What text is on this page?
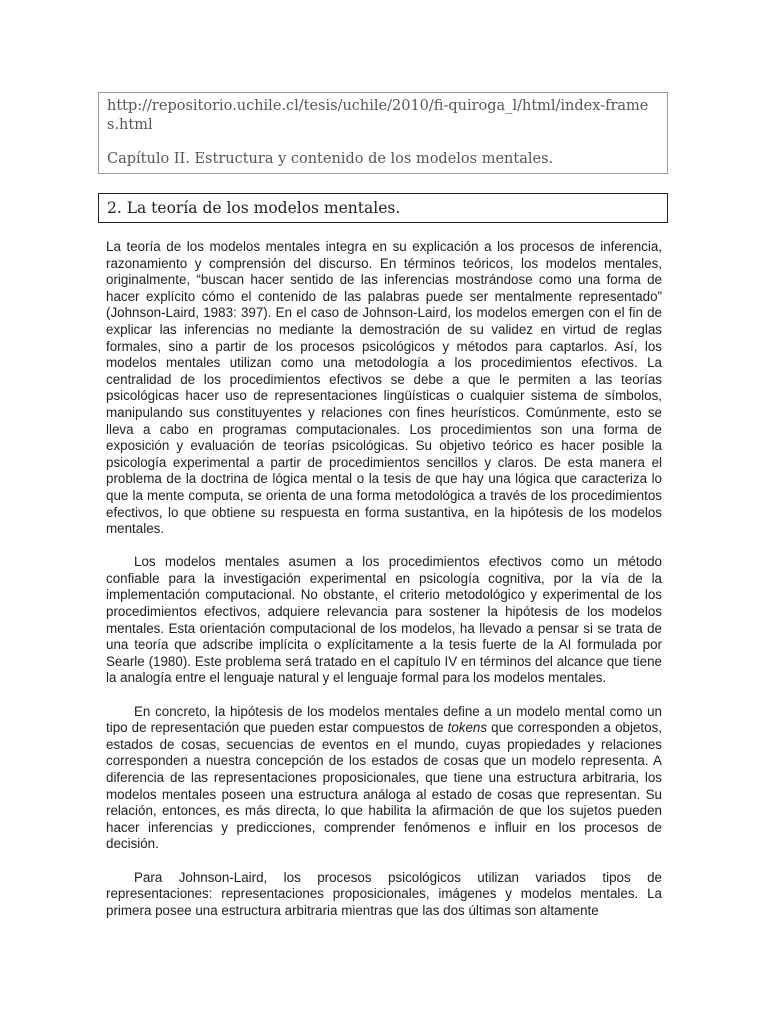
http://repositorio.uchile.cl/tesis/uchile/2010/fi-quiroga_l/html/index-frames.html
Capítulo II. Estructura y contenido de los modelos mentales.
2. La teoría de los modelos mentales.

La teoría de los modelos mentales integra en su explicación a los procesos de inferencia, razonamiento y comprensión del discurso. En términos teóricos, los modelos mentales, originalmente, “buscan hacer sentido de las inferencias mostrándose como una forma de hacer explícito cómo el contenido de las palabras puede ser mentalmente representado” (Johnson-Laird, 1983: 397). En el caso de Johnson-Laird, los modelos emergen con el fin de explicar las inferencias no mediante la demostración de su validez en virtud de reglas formales, sino a partir de los procesos psicológicos y métodos para captarlos. Así, los modelos mentales utilizan como una metodología a los procedimientos efectivos. La centralidad de los procedimientos efectivos se debe a que le permiten a las teorías psicológicas hacer uso de representaciones lingüísticas o cualquier sistema de símbolos, manipulando sus constituyentes y relaciones con fines heurísticos. Comúnmente, esto se lleva a cabo en programas computacionales. Los procedimientos son una forma de exposición y evaluación de teorías psicológicas. Su objetivo teórico es hacer posible la psicología experimental a partir de procedimientos sencillos y claros. De esta manera el problema de la doctrina de lógica mental o la tesis de que hay una lógica que caracteriza lo que la mente computa, se orienta de una forma metodológica a través de los procedimientos efectivos, lo que obtiene su respuesta en forma sustantiva, en la hipótesis de los modelos mentales.

Los modelos mentales asumen a los procedimientos efectivos como un método confiable para la investigación experimental en psicología cognitiva, por la vía de la implementación computacional. No obstante, el criterio metodológico y experimental de los procedimientos efectivos, adquiere relevancia para sostener la hipótesis de los modelos mentales. Esta orientación computacional de los modelos, ha llevado a pensar si se trata de una teoría que adscribe implícita o explícitamente a la tesis fuerte de la AI formulada por Searle (1980). Este problema será tratado en el capítulo IV en términos del alcance que tiene la analogía entre el lenguaje natural y el lenguaje formal para los modelos mentales.

En concreto, la hipótesis de los modelos mentales define a un modelo mental como un tipo de representación que pueden estar compuestos de tokens que corresponden a objetos, estados de cosas, secuencias de eventos en el mundo, cuyas propiedades y relaciones corresponden a nuestra concepción de los estados de cosas que un modelo representa. A diferencia de las representaciones proposicionales, que tiene una estructura arbitraria, los modelos mentales poseen una estructura análoga al estado de cosas que representan. Su relación, entonces, es más directa, lo que habilita la afirmación de que los sujetos pueden hacer inferencias y predicciones, comprender fenómenos e influir en los procesos de decisión.

Para Johnson-Laird, los procesos psicológicos utilizan variados tipos de representaciones: representaciones proposicionales, imágenes y modelos mentales. La primera posee una estructura arbitraria mientras que las dos últimas son altamente
